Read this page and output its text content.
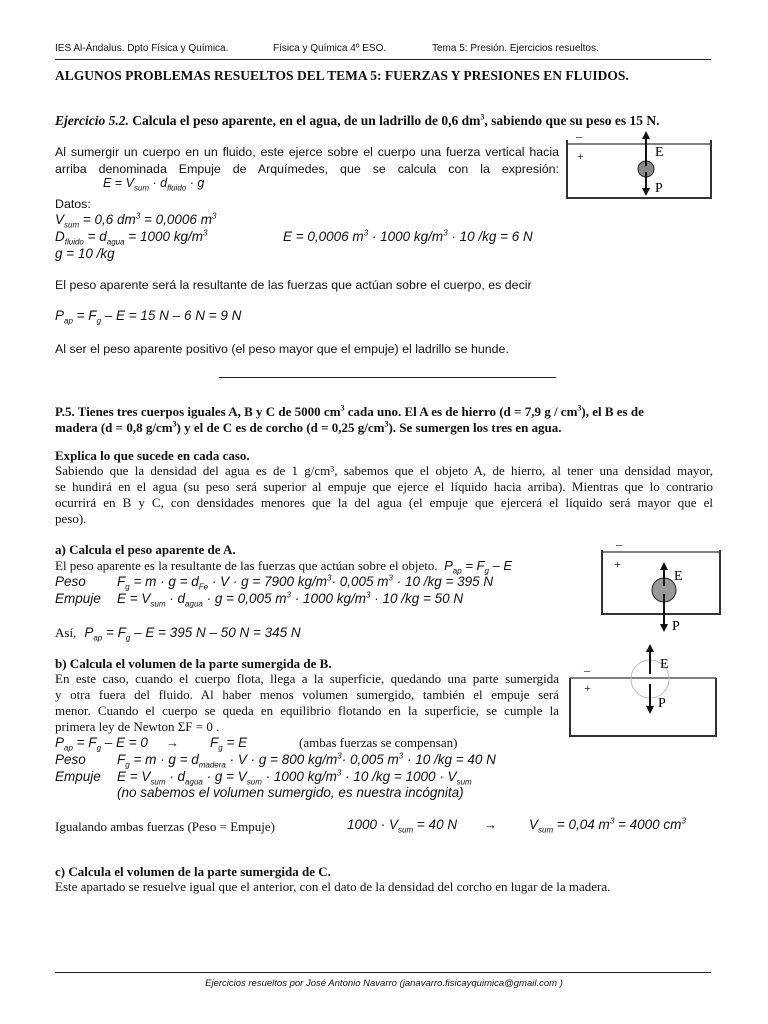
IES Al-Ándalus. Dpto Física y Química.	Física y Química 4º ESO.	Tema 5: Presión. Ejercicios resueltos.
ALGUNOS PROBLEMAS RESUELTOS DEL TEMA 5: FUERZAS Y PRESIONES EN FLUIDOS.
Ejercicio 5.2. Calcula el peso aparente, en el agua, de un ladrillo de 0,6 $dm^3$, sabiendo que su peso es 15 N.
Al sumergir un cuerpo en un fluido, este ejerce sobre el cuerpo una fuerza vertical hacia
arriba denominada Empuje de Arquímedes, que se calcula con la expresión:
$E = V_{sum} \cdot d_{fluido} \cdot g$
Datos:
$V_{sum} = 0,6$ $dm^3 = 0,0006$ $m^3$
$D_{fluido} = d_{agua} = 1000$ $kg/m^3$	E = 0,0006 $m^3 \cdot 1000$ $kg/m^3 \cdot 10$ /kg = 6 N
g = 10 /kg
El peso aparente será la resultante de las fuerzas que actúan sobre el cuerpo, es decir
$P_{ap} = F_g - E = 15$ N – 6 N = 9 N
Al ser el peso aparente positivo (el peso mayor que el empuje) el ladrillo se hunde.
–
+	E
P
P.5. Tienes tres cuerpos iguales A, B y C de 5000 $cm^3$ cada uno. El A es de hierro (d = 7,9 g / $cm^3$), el B es de
madera (d = 0,8 $g/cm^3$) y el de C es de corcho (d = 0,25 $g/cm^3$). Se sumergen los tres en agua.
Explica lo que sucede en cada caso.
Sabiendo que la densidad del agua es de 1 g/cm³, sabemos que el objeto A, de hierro, al tener una densidad mayor,
se hundirá en el agua (su peso será superior al empuje que ejerce el líquido hacia arriba). Mientras que lo contrario
ocurrirá en B y C, con densidades menores que la del agua (el empuje que ejercerá el líquido será mayor que el
peso).
a) Calcula el peso aparente de A.
El peso aparente es la resultante de las fuerzas que actúan sobre el objeto. $P_{ap} = F_g - E$
Peso $F_g = m \cdot g = d_{Fe} \cdot V \cdot g = 7900$ $kg/m^3\cdot 0,005$ $m^3 \cdot 10$ /kg = 395 N
Empuje $E = V_{sum} \cdot d_{agua} \cdot g = 0,005$ $m^3 \cdot 1000$ $kg/m^3 \cdot 10$ /kg = 50 N
Así, $P_{ap} = F_g - E = 395$ N – 50 N = 345 N
–
+
E
P
b) Calcula el volumen de la parte sumergida de B.
En este caso, cuando el cuerpo flota, llega a la superficie, quedando una parte sumergida
y otra fuera del fluido. Al haber menos volumen sumergido, también el empuje será
menor. Cuando el cuerpo se queda en equilibrio flotando en la superficie, se cumple la
primera ley de Newton ΣF = 0 .
$P_{ap} = F_g - E = 0 \to F_g = E$	(ambas fuerzas se compensan)
Peso $F_g = m \cdot g = d_{madera} \cdot V \cdot g = 800$ $kg/m^3\cdot 0,005$ $m^3 \cdot 10$ /kg = 40 N
Empuje $E = V_{sum} \cdot d_{agua} \cdot g = V_{sum} \cdot 1000$ $kg/m^3 \cdot 10$ $/kg = 1000 \cdot V_{sum}$
(no sabemos el volumen sumergido, es nuestra incógnita)
Igualando ambas fuerzas (Peso = Empuje)	$1000 \cdot V_{sum} = 40$ $N \to V_{sum} = 0,04$ $m^3 = 4000$ $cm^3$
–
+
E
P
c) Calcula el volumen de la parte sumergida de C.
Este apartado se resuelve igual que el anterior, con el dato de la densidad del corcho en lugar de la madera.
Ejercicios resueltos por José Antonio Navarro (janavarro.fisicayquimica@gmail.com )
